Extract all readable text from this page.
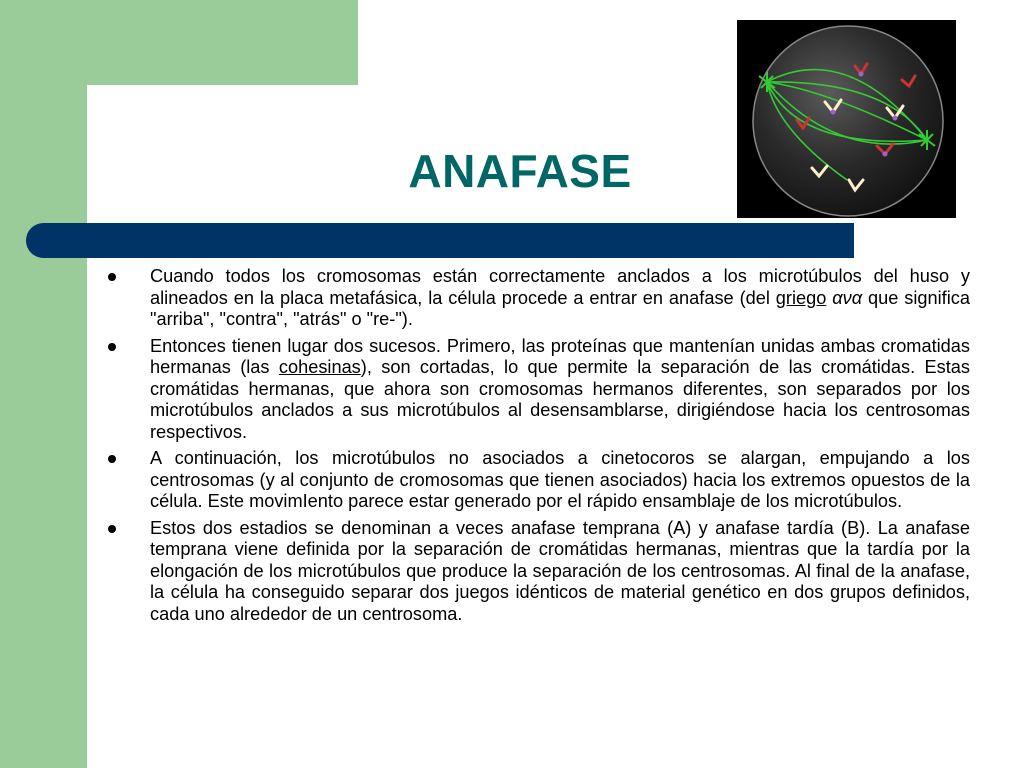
ANAFASE
Cuando todos los cromosomas están correctamente anclados a los microtúbulos del huso y alineados en la placa metafásica, la célula procede a entrar en anafase (del griego ανα que significa "arriba", "contra", "atrás" o "re-").
Entonces tienen lugar dos sucesos. Primero, las proteínas que mantenían unidas ambas cromatidas hermanas (las cohesinas), son cortadas, lo que permite la separación de las cromátidas. Estas cromátidas hermanas, que ahora son cromosomas hermanos diferentes, son separados por los microtúbulos anclados a sus microtúbulos al desensamblarse, dirigiéndose hacia los centrosomas respectivos.
A continuación, los microtúbulos no asociados a cinetocoros se alargan, empujando a los centrosomas (y al conjunto de cromosomas que tienen asociados) hacia los extremos opuestos de la célula. Este movimIento parece estar generado por el rápido ensamblaje de los microtúbulos.
Estos dos estadios se denominan a veces anafase temprana (A) y anafase tardía (B). La anafase temprana viene definida por la separación de cromátidas hermanas, mientras que la tardía por la elongación de los microtúbulos que produce la separación de los centrosomas. Al final de la anafase, la célula ha conseguido separar dos juegos idénticos de material genético en dos grupos definidos, cada uno alrededor de un centrosoma.
